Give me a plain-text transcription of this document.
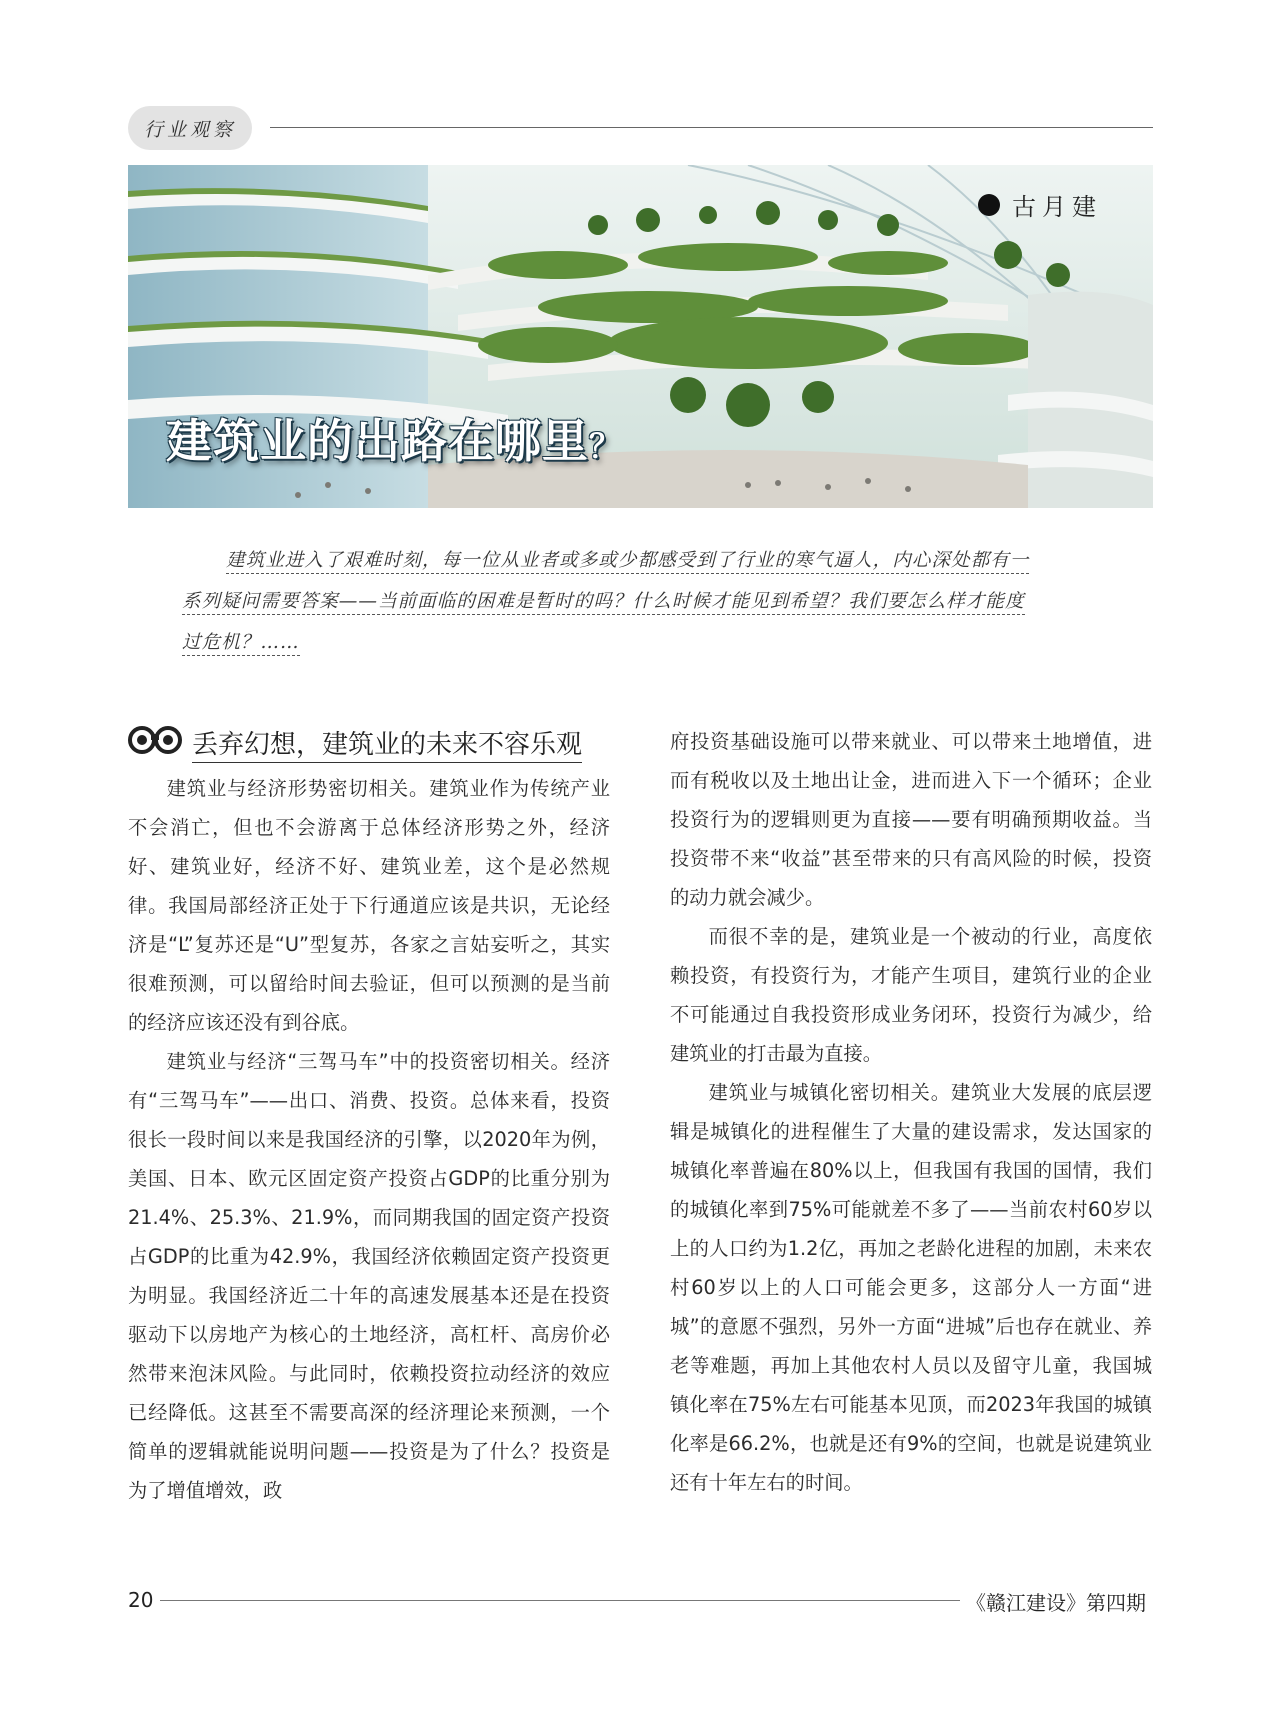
行业观察
古月建
建筑业的出路在哪里？
建筑业进入了艰难时刻，每一位从业者或多或少都感受到了行业的寒气逼人，内心深处都有一
系列疑问需要答案——当前面临的困难是暂时的吗？什么时候才能见到希望？我们要怎么样才能度
过危机？……
丢弃幻想，建筑业的未来不容乐观

建筑业与经济形势密切相关。建筑业作为传统产业不会消亡，但也不会游离于总体经济形势之外，经济好、建筑业好，经济不好、建筑业差，这个是必然规律。我国局部经济正处于下行通道应该是共识，无论经济是“L”复苏还是“U”型复苏，各家之言姑妄听之，其实很难预测，可以留给时间去验证，但可以预测的是当前的经济应该还没有到谷底。

建筑业与经济“三驾马车”中的投资密切相关。经济有“三驾马车”——出口、消费、投资。总体来看，投资很长一段时间以来是我国经济的引擎，以2020年为例，美国、日本、欧元区固定资产投资占GDP的比重分别为21.4%、25.3%、21.9%，而同期我国的固定资产投资占GDP的比重为42.9%，我国经济依赖固定资产投资更为明显。我国经济近二十年的高速发展基本还是在投资驱动下以房地产为核心的土地经济，高杠杆、高房价必然带来泡沫风险。与此同时，依赖投资拉动经济的效应已经降低。这甚至不需要高深的经济理论来预测，一个简单的逻辑就能说明问题——投资是为了什么？投资是为了增值增效，政

府投资基础设施可以带来就业、可以带来土地增值，进而有税收以及土地出让金，进而进入下一个循环；企业投资行为的逻辑则更为直接——要有明确预期收益。当投资带不来“收益”甚至带来的只有高风险的时候，投资的动力就会减少。

而很不幸的是，建筑业是一个被动的行业，高度依赖投资，有投资行为，才能产生项目，建筑行业的企业不可能通过自我投资形成业务闭环，投资行为减少，给建筑业的打击最为直接。

建筑业与城镇化密切相关。建筑业大发展的底层逻辑是城镇化的进程催生了大量的建设需求，发达国家的城镇化率普遍在80%以上，但我国有我国的国情，我们的城镇化率到75%可能就差不多了——当前农村60岁以上的人口约为1.2亿，再加之老龄化进程的加剧，未来农村60岁以上的人口可能会更多，这部分人一方面“进城”的意愿不强烈，另外一方面“进城”后也存在就业、养老等难题，再加上其他农村人员以及留守儿童，我国城镇化率在75%左右可能基本见顶，而2023年我国的城镇化率是66.2%，也就是还有9%的空间，也就是说建筑业还有十年左右的时间。

20	《赣江建设》第四期
